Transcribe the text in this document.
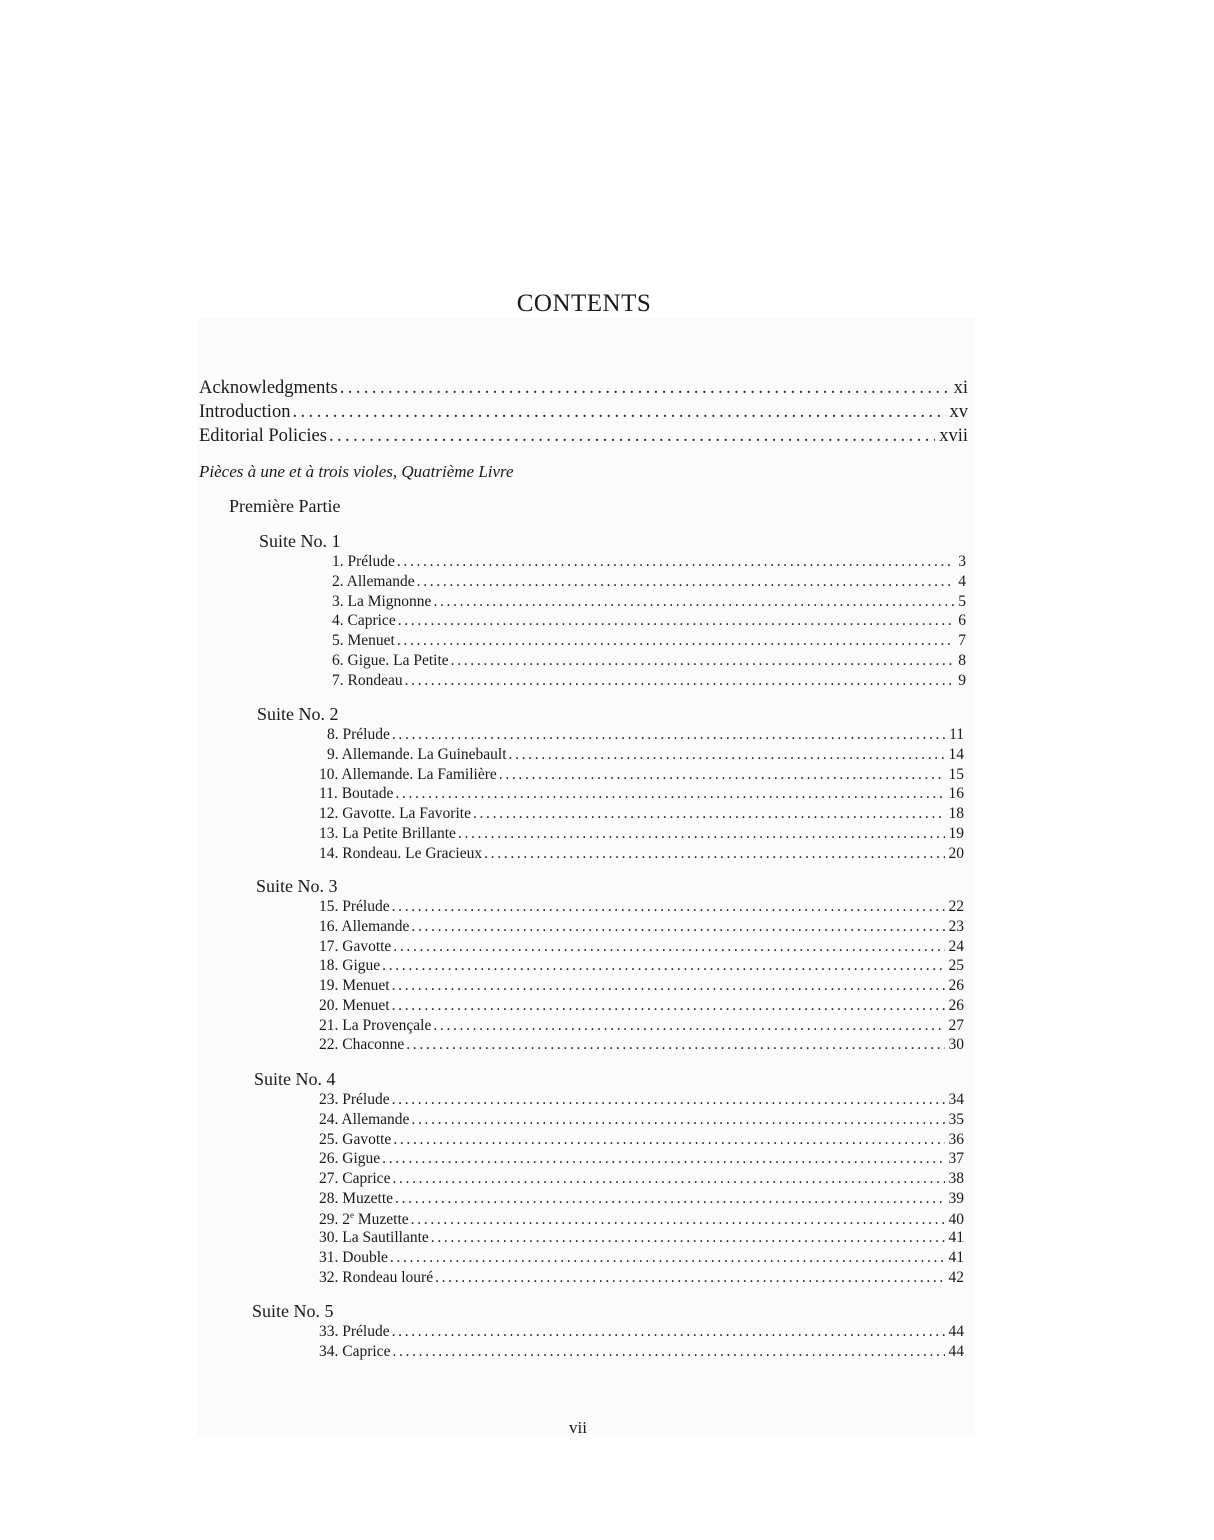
CONTENTS
Acknowledgments . . .	xi
Introduction . . .	xv
Editorial Policies . . .	xvii
Pièces à une et à trois violes, Quatrième Livre
Première Partie
Suite No. 1
1. Prélude . . .	3
2. Allemande . . .	4
3. La Mignonne . . .	5
4. Caprice . . .	6
5. Menuet . . .	7
6. Gigue. La Petite . . .	8
7. Rondeau . . .	9
Suite No. 2
8. Prélude . . .	11
9. Allemande. La Guinebault . . .	14
10. Allemande. La Familière . . .	15
11. Boutade . . .	16
12. Gavotte. La Favorite . . .	18
13. La Petite Brillante . . .	19
14. Rondeau. Le Gracieux . . .	20
Suite No. 3
15. Prélude . . .	22
16. Allemande . . .	23
17. Gavotte . . .	24
18. Gigue . . .	25
19. Menuet . . .	26
20. Menuet . . .	26
21. La Provençale . . .	27
22. Chaconne . . .	30
Suite No. 4
23. Prélude . . .	34
24. Allemande . . .	35
25. Gavotte . . .	36
26. Gigue . . .	37
27. Caprice . . .	38
28. Muzette . . .	39
29. 2e Muzette . . .	40
30. La Sautillante . . .	41
31. Double . . .	41
32. Rondeau louré . . .	42
Suite No. 5
33. Prélude . . .	44
34. Caprice . . .	44
vii
